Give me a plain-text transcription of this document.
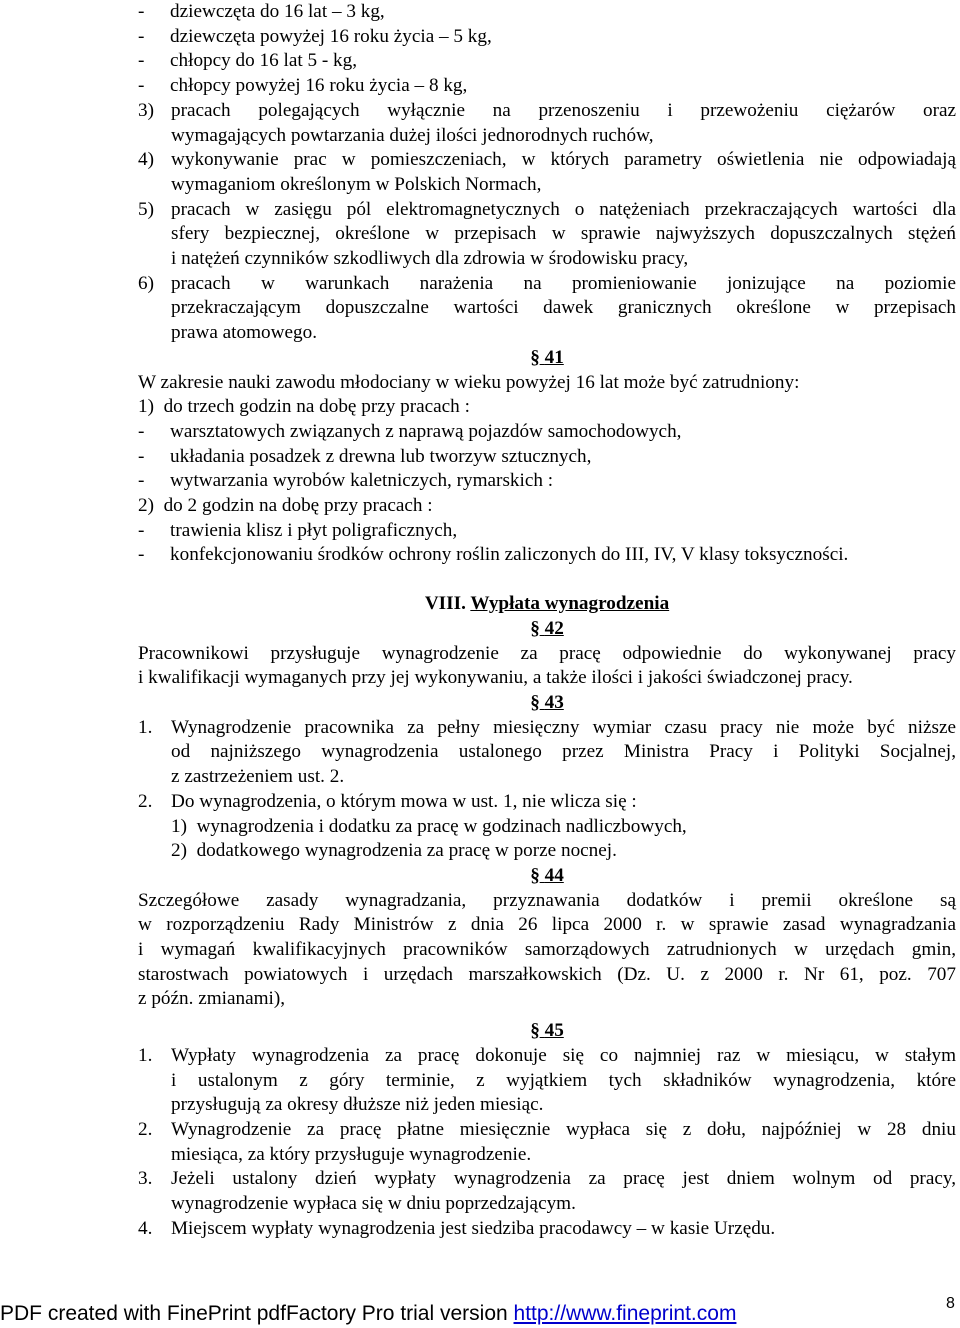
- dziewczęta do 16 lat – 3 kg,
- dziewczęta powyżej 16 roku życia – 5 kg,
- chłopcy do 16 lat 5 - kg,
- chłopcy powyżej 16 roku życia – 8 kg,
3) pracach polegających wyłącznie na przenoszeniu i przewożeniu ciężarów oraz
wymagających powtarzania dużej ilości jednorodnych ruchów,
4) wykonywanie prac w pomieszczeniach, w których parametry oświetlenia nie odpowiadają
wymaganiom określonym w Polskich Normach,
5) pracach w zasięgu pól elektromagnetycznych o natężeniach przekraczających wartości dla
sfery bezpiecznej, określone w przepisach w sprawie najwyższych dopuszczalnych stężeń
i natężeń czynników szkodliwych dla zdrowia w środowisku pracy,
6) pracach w warunkach narażenia na promieniowanie jonizujące na poziomie
przekraczającym dopuszczalne wartości dawek granicznych określone w przepisach
prawa atomowego.
§ 41
W zakresie nauki zawodu młodociany w wieku powyżej 16 lat może być zatrudniony:
1)  do trzech godzin na dobę przy pracach :
- warsztatowych związanych z naprawą pojazdów samochodowych,
- układania posadzek z drewna lub tworzyw sztucznych,
- wytwarzania wyrobów kaletniczych, rymarskich :
2)  do 2 godzin na dobę przy pracach :
- trawienia klisz i płyt poligraficznych,
- konfekcjonowaniu środków ochrony roślin zaliczonych do III, IV, V klasy toksyczności.
VIII. Wypłata wynagrodzenia
§ 42
Pracownikowi przysługuje wynagrodzenie za pracę odpowiednie do wykonywanej pracy
i kwalifikacji wymaganych przy jej wykonywaniu, a także ilości i jakości świadczonej pracy.
§ 43
1. Wynagrodzenie pracownika za pełny miesięczny wymiar czasu pracy nie może być niższe
od najniższego wynagrodzenia ustalonego przez Ministra Pracy i Polityki Socjalnej,
z zastrzeżeniem ust. 2.
2. Do wynagrodzenia, o którym mowa w ust. 1, nie wlicza się :
1)  wynagrodzenia i dodatku za pracę w godzinach nadliczbowych,
2)  dodatkowego wynagrodzenia za pracę w porze nocnej.
§ 44
Szczegółowe zasady wynagradzania, przyznawania dodatków i premii określone są
w rozporządzeniu Rady Ministrów z dnia 26 lipca 2000 r. w sprawie zasad wynagradzania
i wymagań kwalifikacyjnych pracowników samorządowych zatrudnionych w urzędach gmin,
starostwach powiatowych i urzędach marszałkowskich (Dz. U. z 2000 r. Nr 61, poz. 707
z późn. zmianami),
§ 45
1. Wypłaty wynagrodzenia za pracę dokonuje się co najmniej raz w miesiącu, w stałym
i ustalonym z góry terminie, z wyjątkiem tych składników wynagrodzenia, które
przysługują za okresy dłuższe niż jeden miesiąc.
2. Wynagrodzenie za pracę płatne miesięcznie wypłaca się z dołu, najpóźniej w 28 dniu
miesiąca, za który przysługuje wynagrodzenie.
3. Jeżeli ustalony dzień wypłaty wynagrodzenia za pracę jest dniem wolnym od pracy,
wynagrodzenie wypłaca się w dniu poprzedzającym.
4. Miejscem wypłaty wynagrodzenia jest siedziba pracodawcy – w kasie Urzędu.
PDF created with FinePrint pdfFactory Pro trial version http://www.fineprint.com	8
